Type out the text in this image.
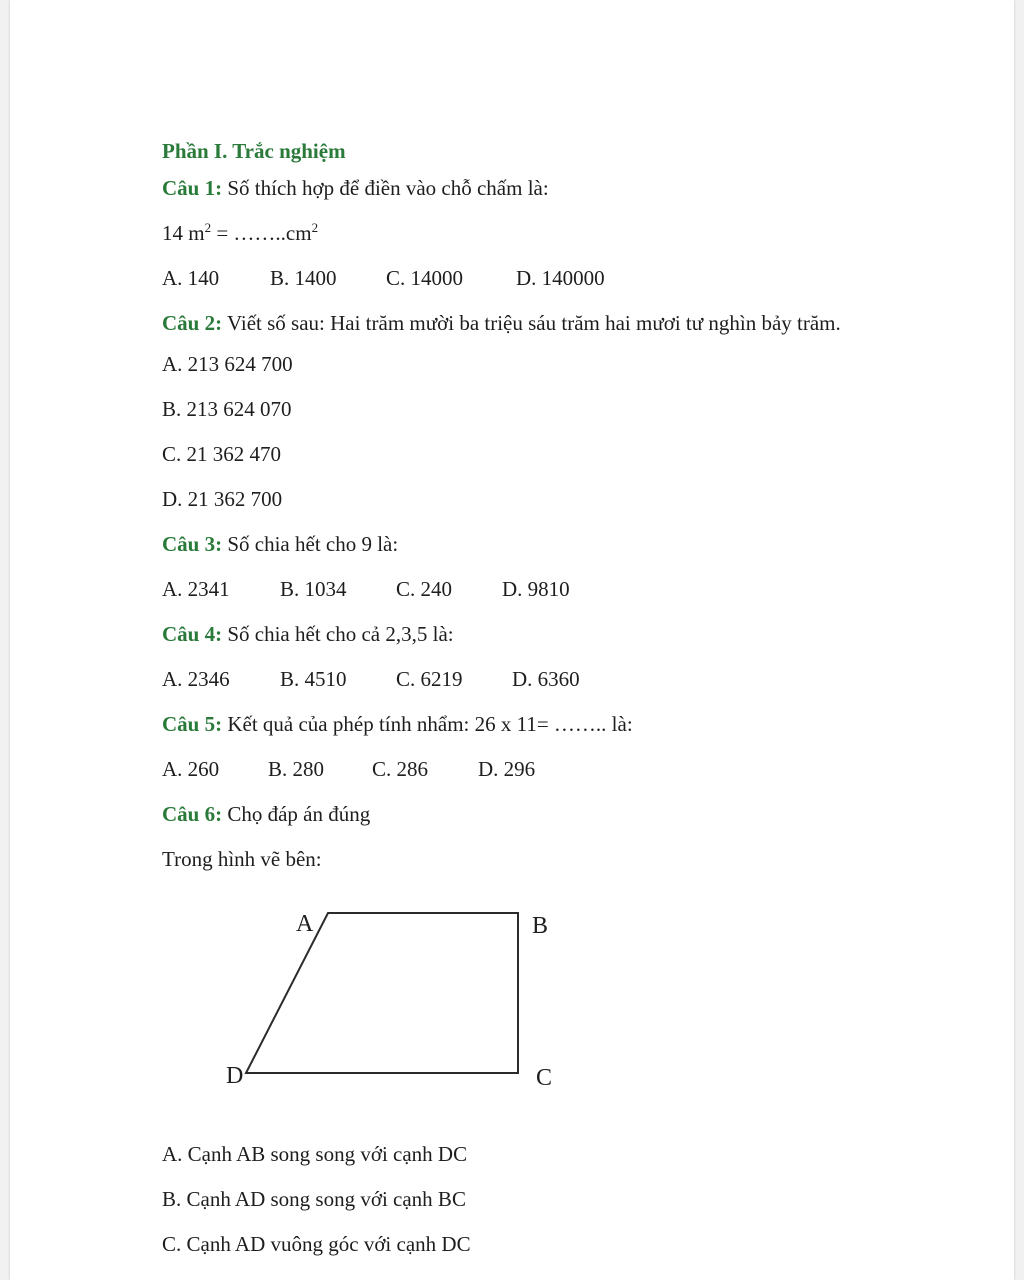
Phần I. Trắc nghiệm
Câu 1: Số thích hợp để điền vào chỗ chấm là:
14 $m^2$ = $\dots\dots..cm^2$
A. 140 B. 1400 C. 14000	D. 140000
Câu 2: Viết số sau: Hai trăm mười ba triệu sáu trăm hai mươi tư nghìn bảy trăm.
A. 213 624 700
B. 213 624 070
C. 21 362 470
D. 21 362 700
Câu 3: Số chia hết cho 9 là:
A. 2341 B. 1034 C. 240 D. 9810
Câu 4: Số chia hết cho cả 2,3,5 là:
A. 2346 B. 4510 C. 6219 D. 6360
Câu 5: Kết quả của phép tính nhẩm: 26 x 11= …….. là:
A. 260 B. 280 C. 286 D. 296
Câu 6: Chọ đáp án đúng
Trong hình vẽ bên:
A	B
C
D
A. Cạnh AB song song với cạnh DC
B. Cạnh AD song song với cạnh BC
C. Cạnh AD vuông góc với cạnh DC
